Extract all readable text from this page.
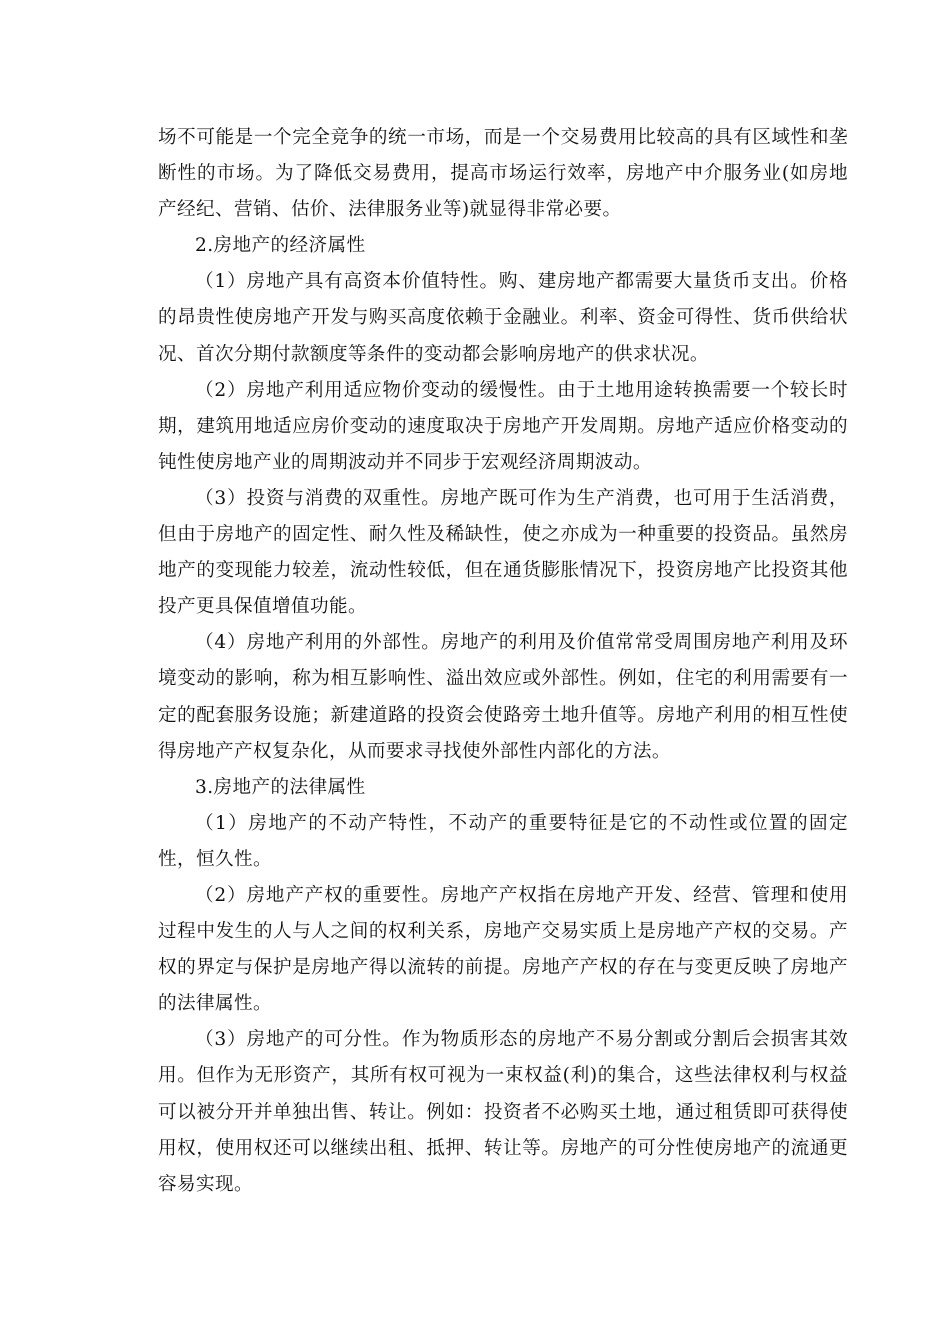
场不可能是一个完全竞争的统一市场，而是一个交易费用比较高的具有区域性和垄断性的市场。为了降低交易费用，提高市场运行效率，房地产中介服务业(如房地产经纪、营销、估价、法律服务业等)就显得非常必要。

2.房地产的经济属性

（1）房地产具有高资本价值特性。购、建房地产都需要大量货币支出。价格的昂贵性使房地产开发与购买高度依赖于金融业。利率、资金可得性、货币供给状况、首次分期付款额度等条件的变动都会影响房地产的供求状况。

（2）房地产利用适应物价变动的缓慢性。由于土地用途转换需要一个较长时期，建筑用地适应房价变动的速度取决于房地产开发周期。房地产适应价格变动的钝性使房地产业的周期波动并不同步于宏观经济周期波动。

（3）投资与消费的双重性。房地产既可作为生产消费，也可用于生活消费，但由于房地产的固定性、耐久性及稀缺性，使之亦成为一种重要的投资品。虽然房地产的变现能力较差，流动性较低，但在通货膨胀情况下，投资房地产比投资其他投产更具保值增值功能。

（4）房地产利用的外部性。房地产的利用及价值常常受周围房地产利用及环境变动的影响，称为相互影响性、溢出效应或外部性。例如，住宅的利用需要有一定的配套服务设施；新建道路的投资会使路旁土地升值等。房地产利用的相互性使得房地产产权复杂化，从而要求寻找使外部性内部化的方法。

3.房地产的法律属性

（1）房地产的不动产特性，不动产的重要特征是它的不动性或位置的固定性，恒久性。

（2）房地产产权的重要性。房地产产权指在房地产开发、经营、管理和使用过程中发生的人与人之间的权利关系，房地产交易实质上是房地产产权的交易。产权的界定与保护是房地产得以流转的前提。房地产产权的存在与变更反映了房地产的法律属性。

（3）房地产的可分性。作为物质形态的房地产不易分割或分割后会损害其效用。但作为无形资产，其所有权可视为一束权益(利)的集合，这些法律权利与权益可以被分开并单独出售、转让。例如：投资者不必购买土地，通过租赁即可获得使用权，使用权还可以继续出租、抵押、转让等。房地产的可分性使房地产的流通更容易实现。
